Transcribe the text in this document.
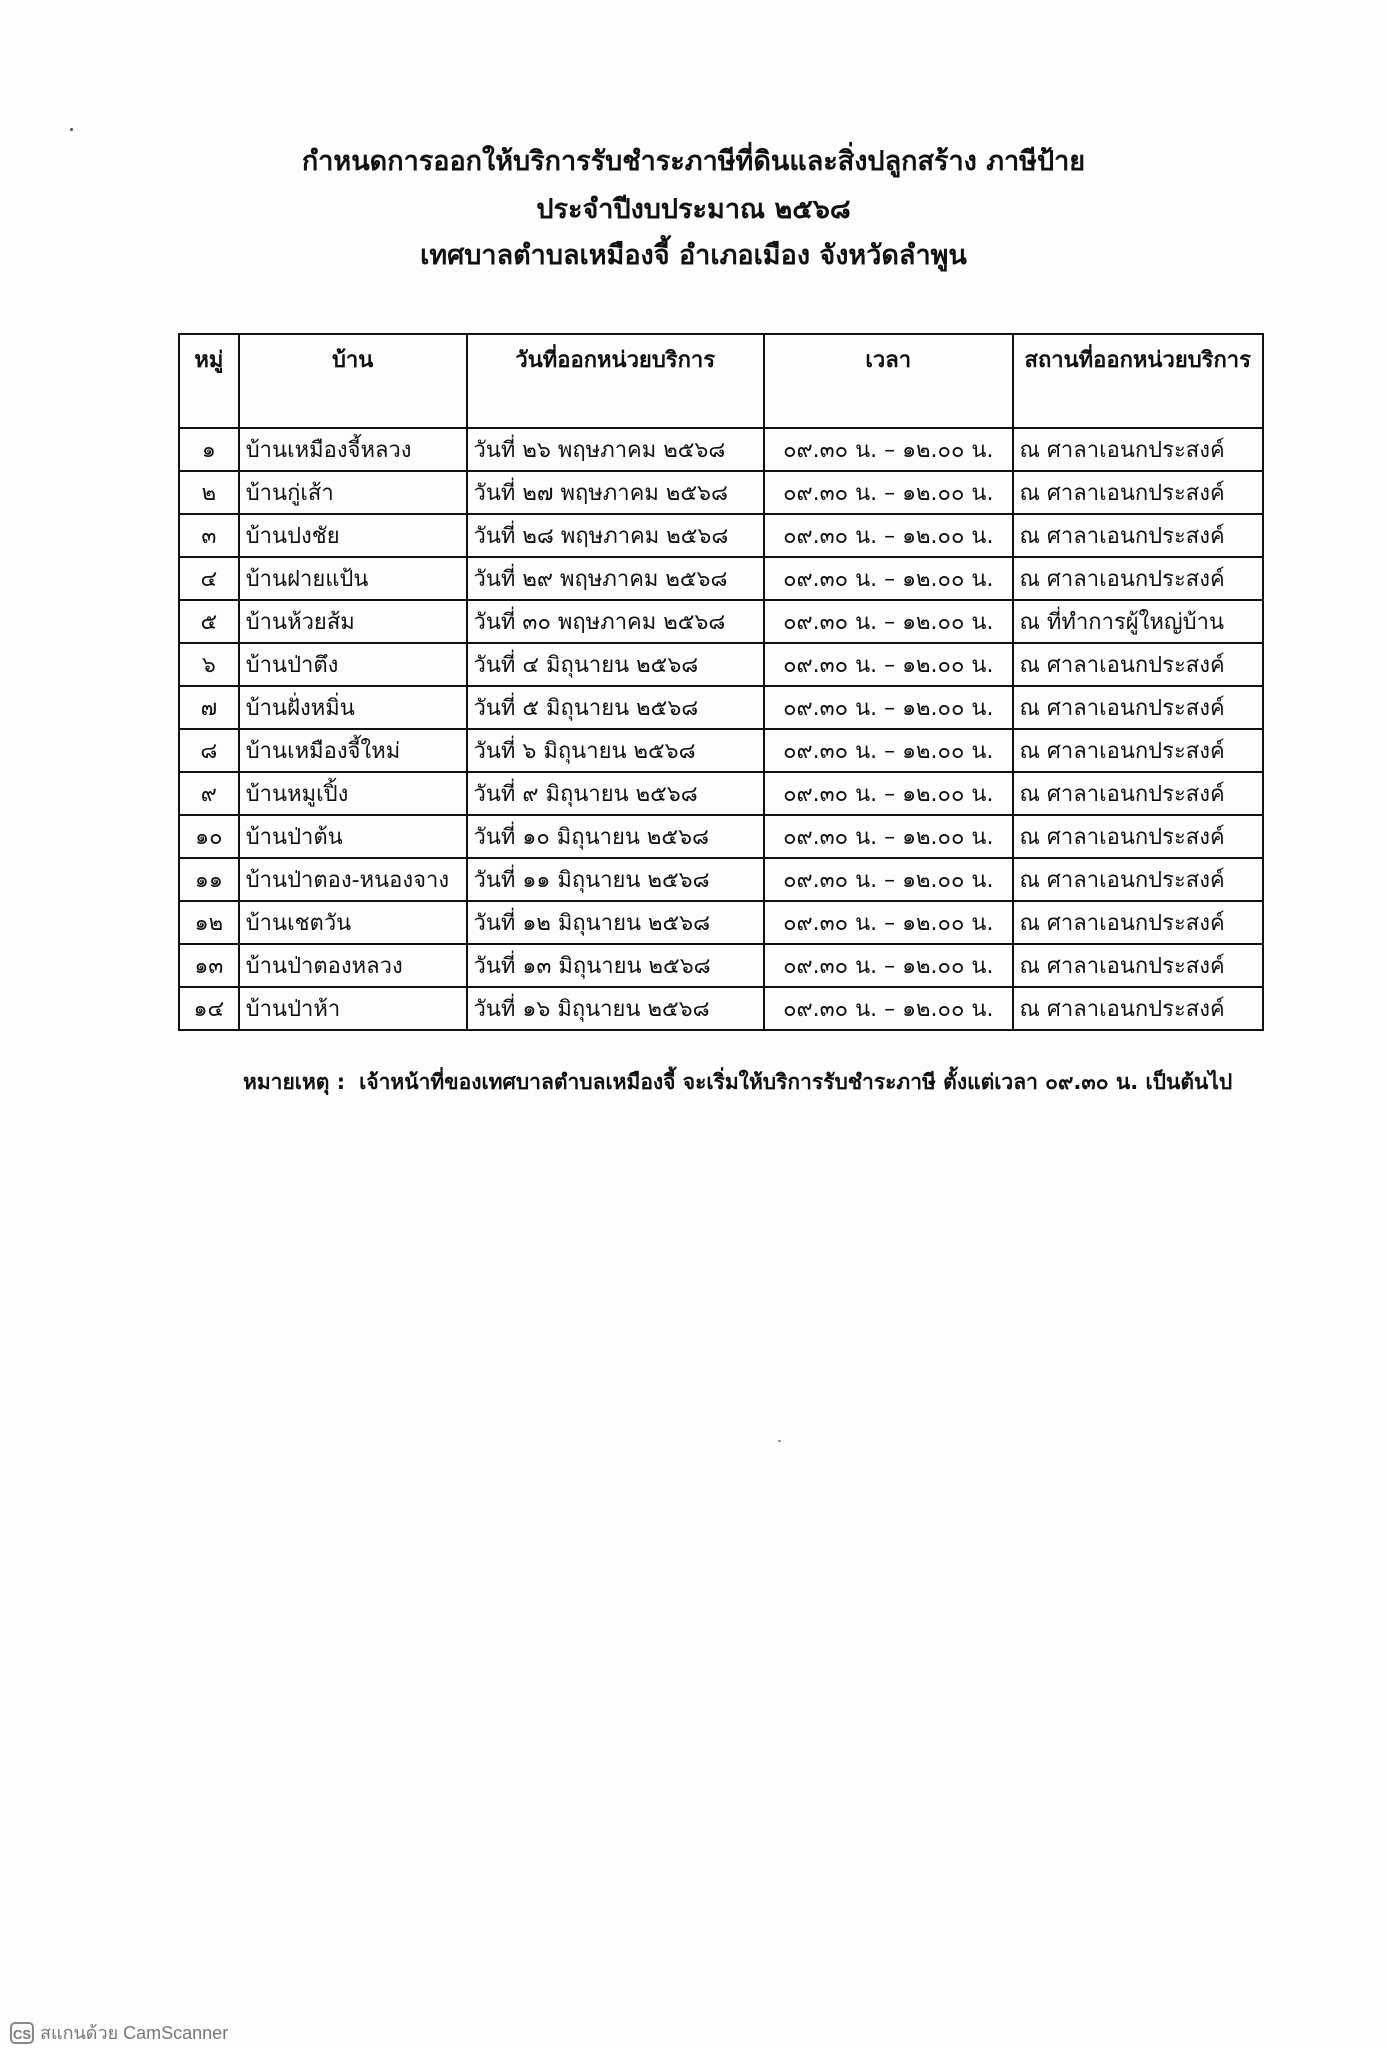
กำหนดการออกให้บริการรับชำระภาษีที่ดินและสิ่งปลูกสร้าง ภาษีป้าย
ประจำปีงบประมาณ ๒๕๖๘
เทศบาลตำบลเหมืองจี้ อำเภอเมือง จังหวัดลำพูน
หมู่	บ้าน	วันที่ออกหน่วยบริการ	เวลา	สถานที่ออกหน่วยบริการ
๑	บ้านเหมืองจี้หลวง	วันที่ ๒๖ พฤษภาคม ๒๕๖๘	๐๙.๓๐ น. – ๑๒.๐๐ น.	ณ ศาลาเอนกประสงค์
๒	บ้านกู่เส้า	วันที่ ๒๗ พฤษภาคม ๒๕๖๘	๐๙.๓๐ น. – ๑๒.๐๐ น.	ณ ศาลาเอนกประสงค์
๓	บ้านปงชัย	วันที่ ๒๘ พฤษภาคม ๒๕๖๘	๐๙.๓๐ น. – ๑๒.๐๐ น.	ณ ศาลาเอนกประสงค์
๔	บ้านฝายแป้น	วันที่ ๒๙ พฤษภาคม ๒๕๖๘	๐๙.๓๐ น. – ๑๒.๐๐ น.	ณ ศาลาเอนกประสงค์
๕	บ้านห้วยส้ม	วันที่ ๓๐ พฤษภาคม ๒๕๖๘	๐๙.๓๐ น. – ๑๒.๐๐ น.	ณ ที่ทำการผู้ใหญ่บ้าน
๖	บ้านป่าตึง	วันที่ ๔ มิถุนายน ๒๕๖๘	๐๙.๓๐ น. – ๑๒.๐๐ น.	ณ ศาลาเอนกประสงค์
๗	บ้านฝั่งหมิ่น	วันที่ ๕ มิถุนายน ๒๕๖๘	๐๙.๓๐ น. – ๑๒.๐๐ น.	ณ ศาลาเอนกประสงค์
๘	บ้านเหมืองจี้ใหม่	วันที่ ๖ มิถุนายน ๒๕๖๘	๐๙.๓๐ น. – ๑๒.๐๐ น.	ณ ศาลาเอนกประสงค์
๙	บ้านหมูเปิ้ง	วันที่ ๙ มิถุนายน ๒๕๖๘	๐๙.๓๐ น. – ๑๒.๐๐ น.	ณ ศาลาเอนกประสงค์
๑๐	บ้านป่าต้น	วันที่ ๑๐ มิถุนายน ๒๕๖๘	๐๙.๓๐ น. – ๑๒.๐๐ น.	ณ ศาลาเอนกประสงค์
๑๑	บ้านป่าตอง-หนองจาง	วันที่ ๑๑ มิถุนายน ๒๕๖๘	๐๙.๓๐ น. – ๑๒.๐๐ น.	ณ ศาลาเอนกประสงค์
๑๒	บ้านเชตวัน	วันที่ ๑๒ มิถุนายน ๒๕๖๘	๐๙.๓๐ น. – ๑๒.๐๐ น.	ณ ศาลาเอนกประสงค์
๑๓	บ้านป่าตองหลวง	วันที่ ๑๓ มิถุนายน ๒๕๖๘	๐๙.๓๐ น. – ๑๒.๐๐ น.	ณ ศาลาเอนกประสงค์
๑๔	บ้านป่าห้า	วันที่ ๑๖ มิถุนายน ๒๕๖๘	๐๙.๓๐ น. – ๑๒.๐๐ น.	ณ ศาลาเอนกประสงค์
หมายเหตุ : เจ้าหน้าที่ของเทศบาลตำบลเหมืองจี้ จะเริ่มให้บริการรับชำระภาษี ตั้งแต่เวลา ๐๙.๓๐ น. เป็นต้นไป
CS สแกนด้วย CamScanner
